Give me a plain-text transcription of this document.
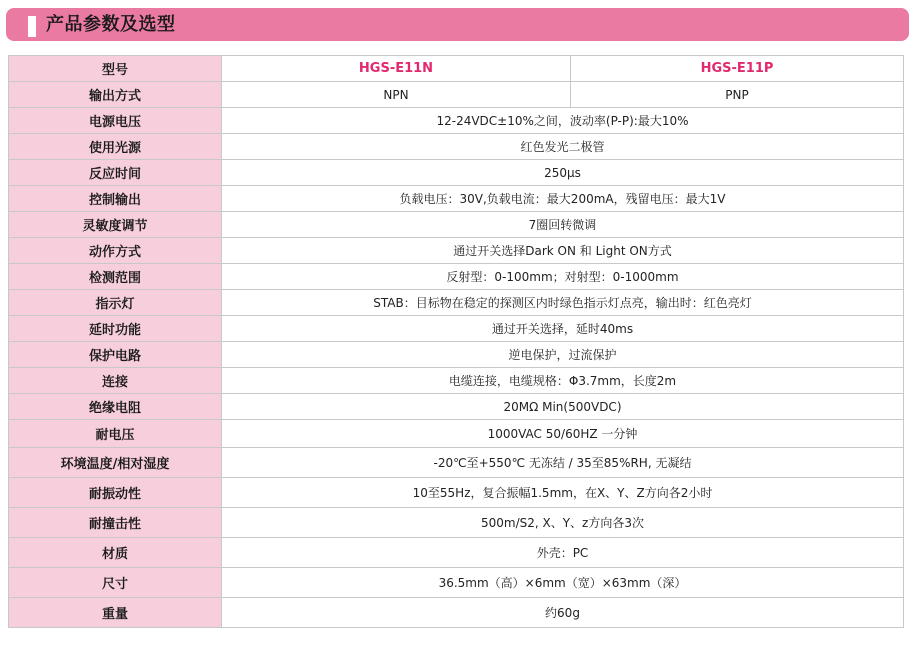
产品参数及选型
型号	HGS-E11N	HGS-E11P
输出方式	NPN	PNP
电源电压	12-24VDC±10%之间，波动率(P-P):最大10%	
使用光源	红色发光二极管	
反应时间	250μs	
控制输出	负载电压：30V,负载电流：最大200mA，残留电压：最大1V	
灵敏度调节	7圈回转微调	
动作方式	通过开关选择Dark ON 和 Light ON方式	
检测范围	反射型：0-100mm；对射型：0-1000mm	
指示灯	STAB：目标物在稳定的探测区内时绿色指示灯点亮，输出时：红色亮灯	
延时功能	通过开关选择，延时40ms	
保护电路	逆电保护，过流保护	
连接	电缆连接，电缆规格：Φ3.7mm，长度2m	
绝缘电阻	20MΩ Min(500VDC)	
耐电压	1000VAC 50/60HZ 一分钟	
环境温度/相对湿度	-20℃至+550℃ 无冻结 / 35至85%RH, 无凝结	
耐振动性	10至55Hz，复合振幅1.5mm，在X、Y、Z方向各2小时	
耐撞击性	500m/S2, X、Y、z方向各3次	
材质	外壳：PC	
尺寸	36.5mm（高）×6mm（宽）×63mm（深）	
重量	约60g	
